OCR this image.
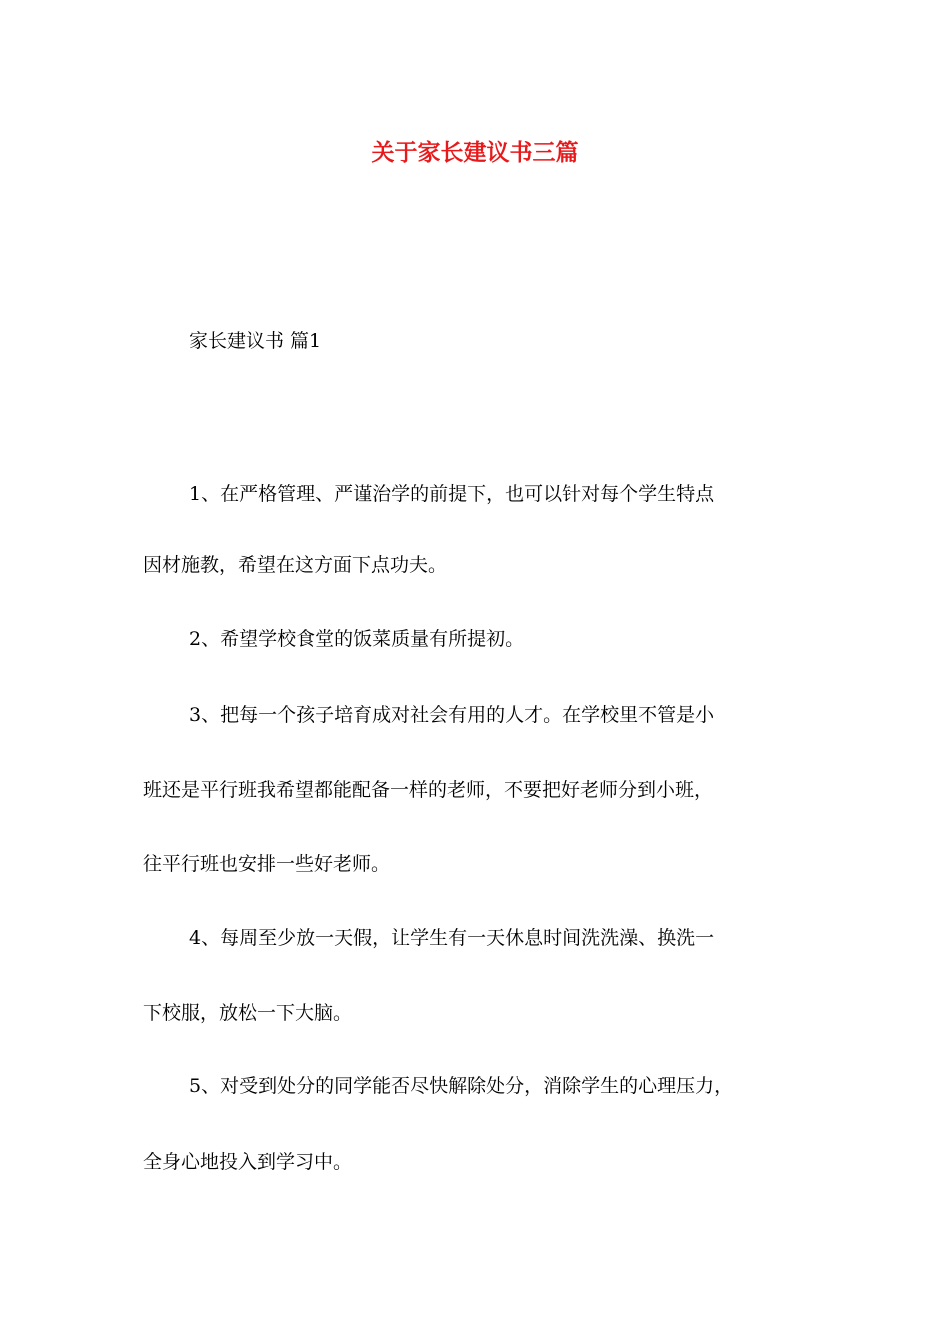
关于家长建议书三篇
家长建议书 篇1
1、在严格管理、严谨治学的前提下，也可以针对每个学生特点
因材施教，希望在这方面下点功夫。
2、希望学校食堂的饭菜质量有所提初。
3、把每一个孩子培育成对社会有用的人才。在学校里不管是小
班还是平行班我希望都能配备一样的老师，不要把好老师分到小班，
往平行班也安排一些好老师。
4、每周至少放一天假，让学生有一天休息时间洗洗澡、换洗一
下校服，放松一下大脑。
5、对受到处分的同学能否尽快解除处分，消除学生的心理压力，
全身心地投入到学习中。
